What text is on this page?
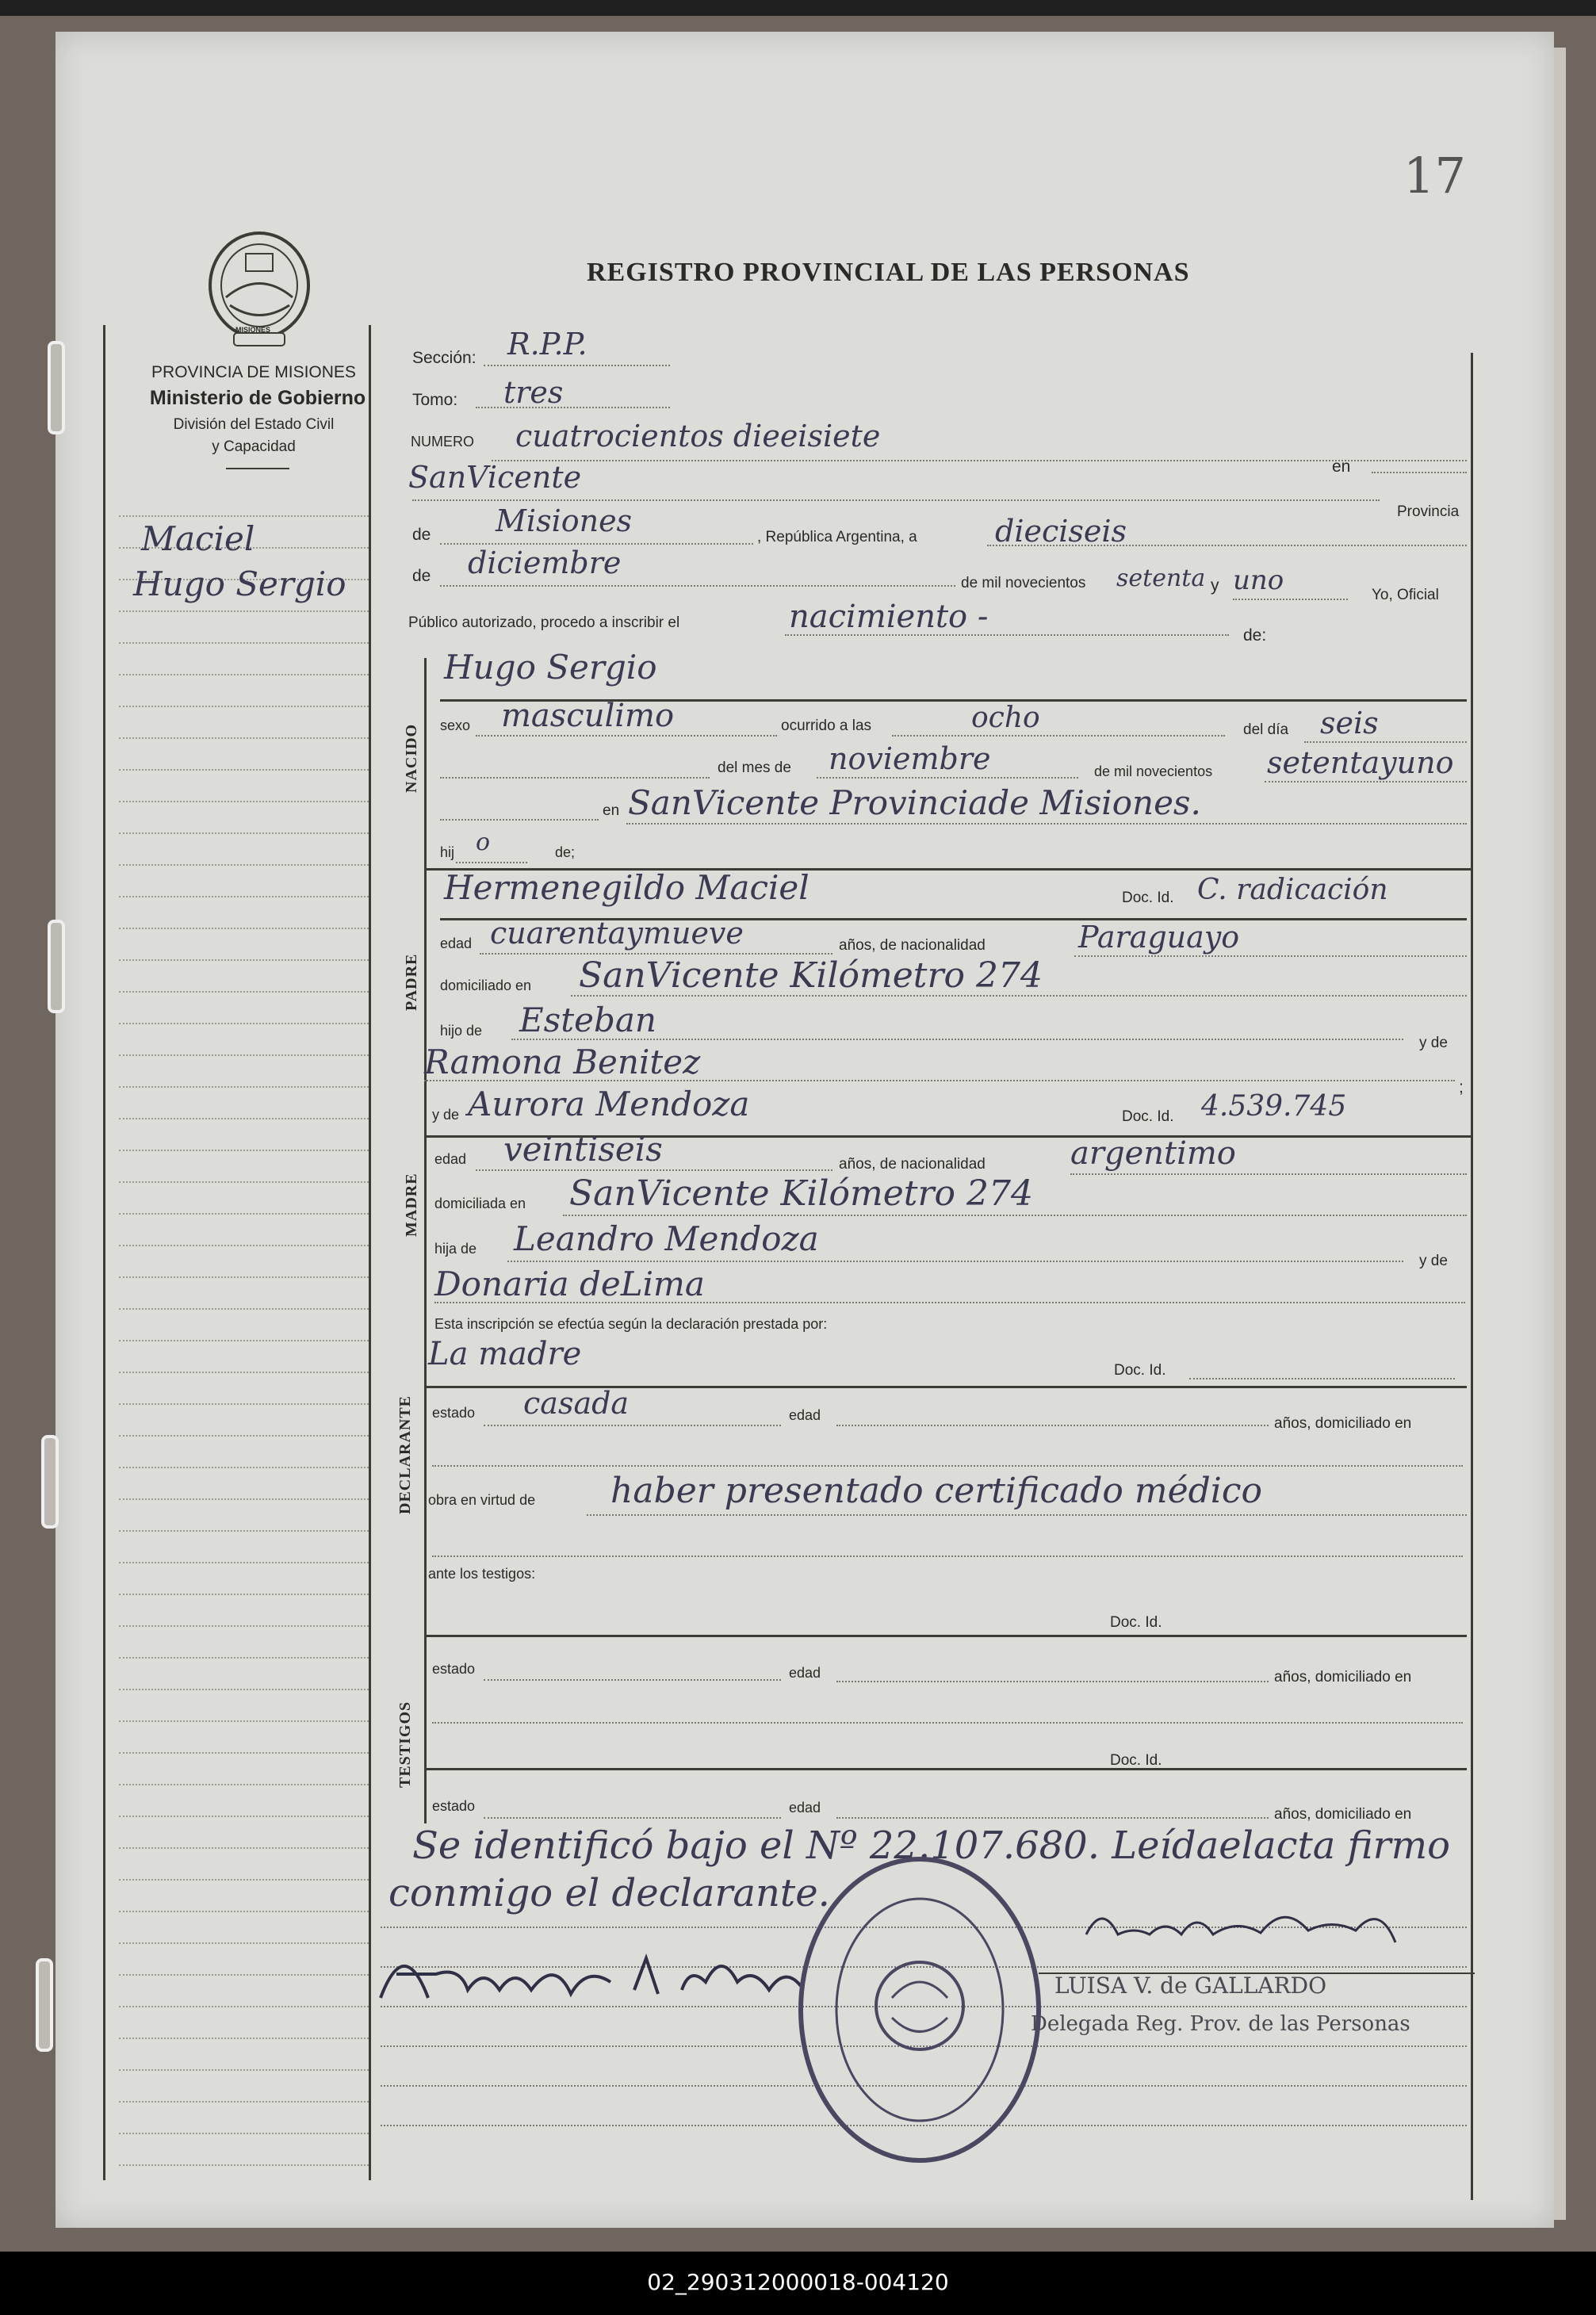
17
MISIONES
PROVINCIA DE MISIONES
Ministerio de Gobierno
División del Estado Civil
y Capacidad
REGISTRO PROVINCIAL DE LAS PERSONAS
Maciel
Hugo Sergio
Sección: R.P.P.
Tomo: tres
NUMERO cuatrocientos dieeisiete
en
SanVicente
Provincia
de Misiones	, República Argentina, a	dieciseis
de diciembre
de mil novecientos setenta y uno	Yo, Oficial
Público autorizado, procedo a inscribir el	nacimiento -
de:
NACIDO
Hugo Sergio
sexo masculimo	ocurrido a las	ocho	del día seis
del mes de noviembre	de mil novecientos setentayuno
en SanVicente Provinciade Misiones.
hij o	de;
PADRE
Hermenegildo Maciel	Doc. Id. C. radicación
edad cuarentaymueve	años, de nacionalidad	Paraguayo
domiciliado en SanVicente Kilómetro 274
hijo de Esteban
y de
Ramona Benitez
;
y de Aurora Mendoza	Doc. Id. 4.539.745
MADRE
edad veintiseis	años, de nacionalidad	argentimo
domiciliada en SanVicente Kilómetro 274
hija de Leandro Mendoza
y de
Donaria deLima
Esta inscripción se efectúa según la declaración prestada por:
DECLARANTE
La madre	Doc. Id.
estado casada	edad	años, domiciliado en
obra en virtud de haber presentado certificado médico
ante los testigos:
Doc. Id.
TESTIGOS
estado	edad	años, domiciliado en
Doc. Id.
estado	edad	años, domiciliado en
Se identificó bajo el Nº 22.107.680. Leídaelacta firmo
conmigo el declarante.
LUISA V. de GALLARDO
Delegada Reg. Prov. de las Personas
02_290312000018-004120
